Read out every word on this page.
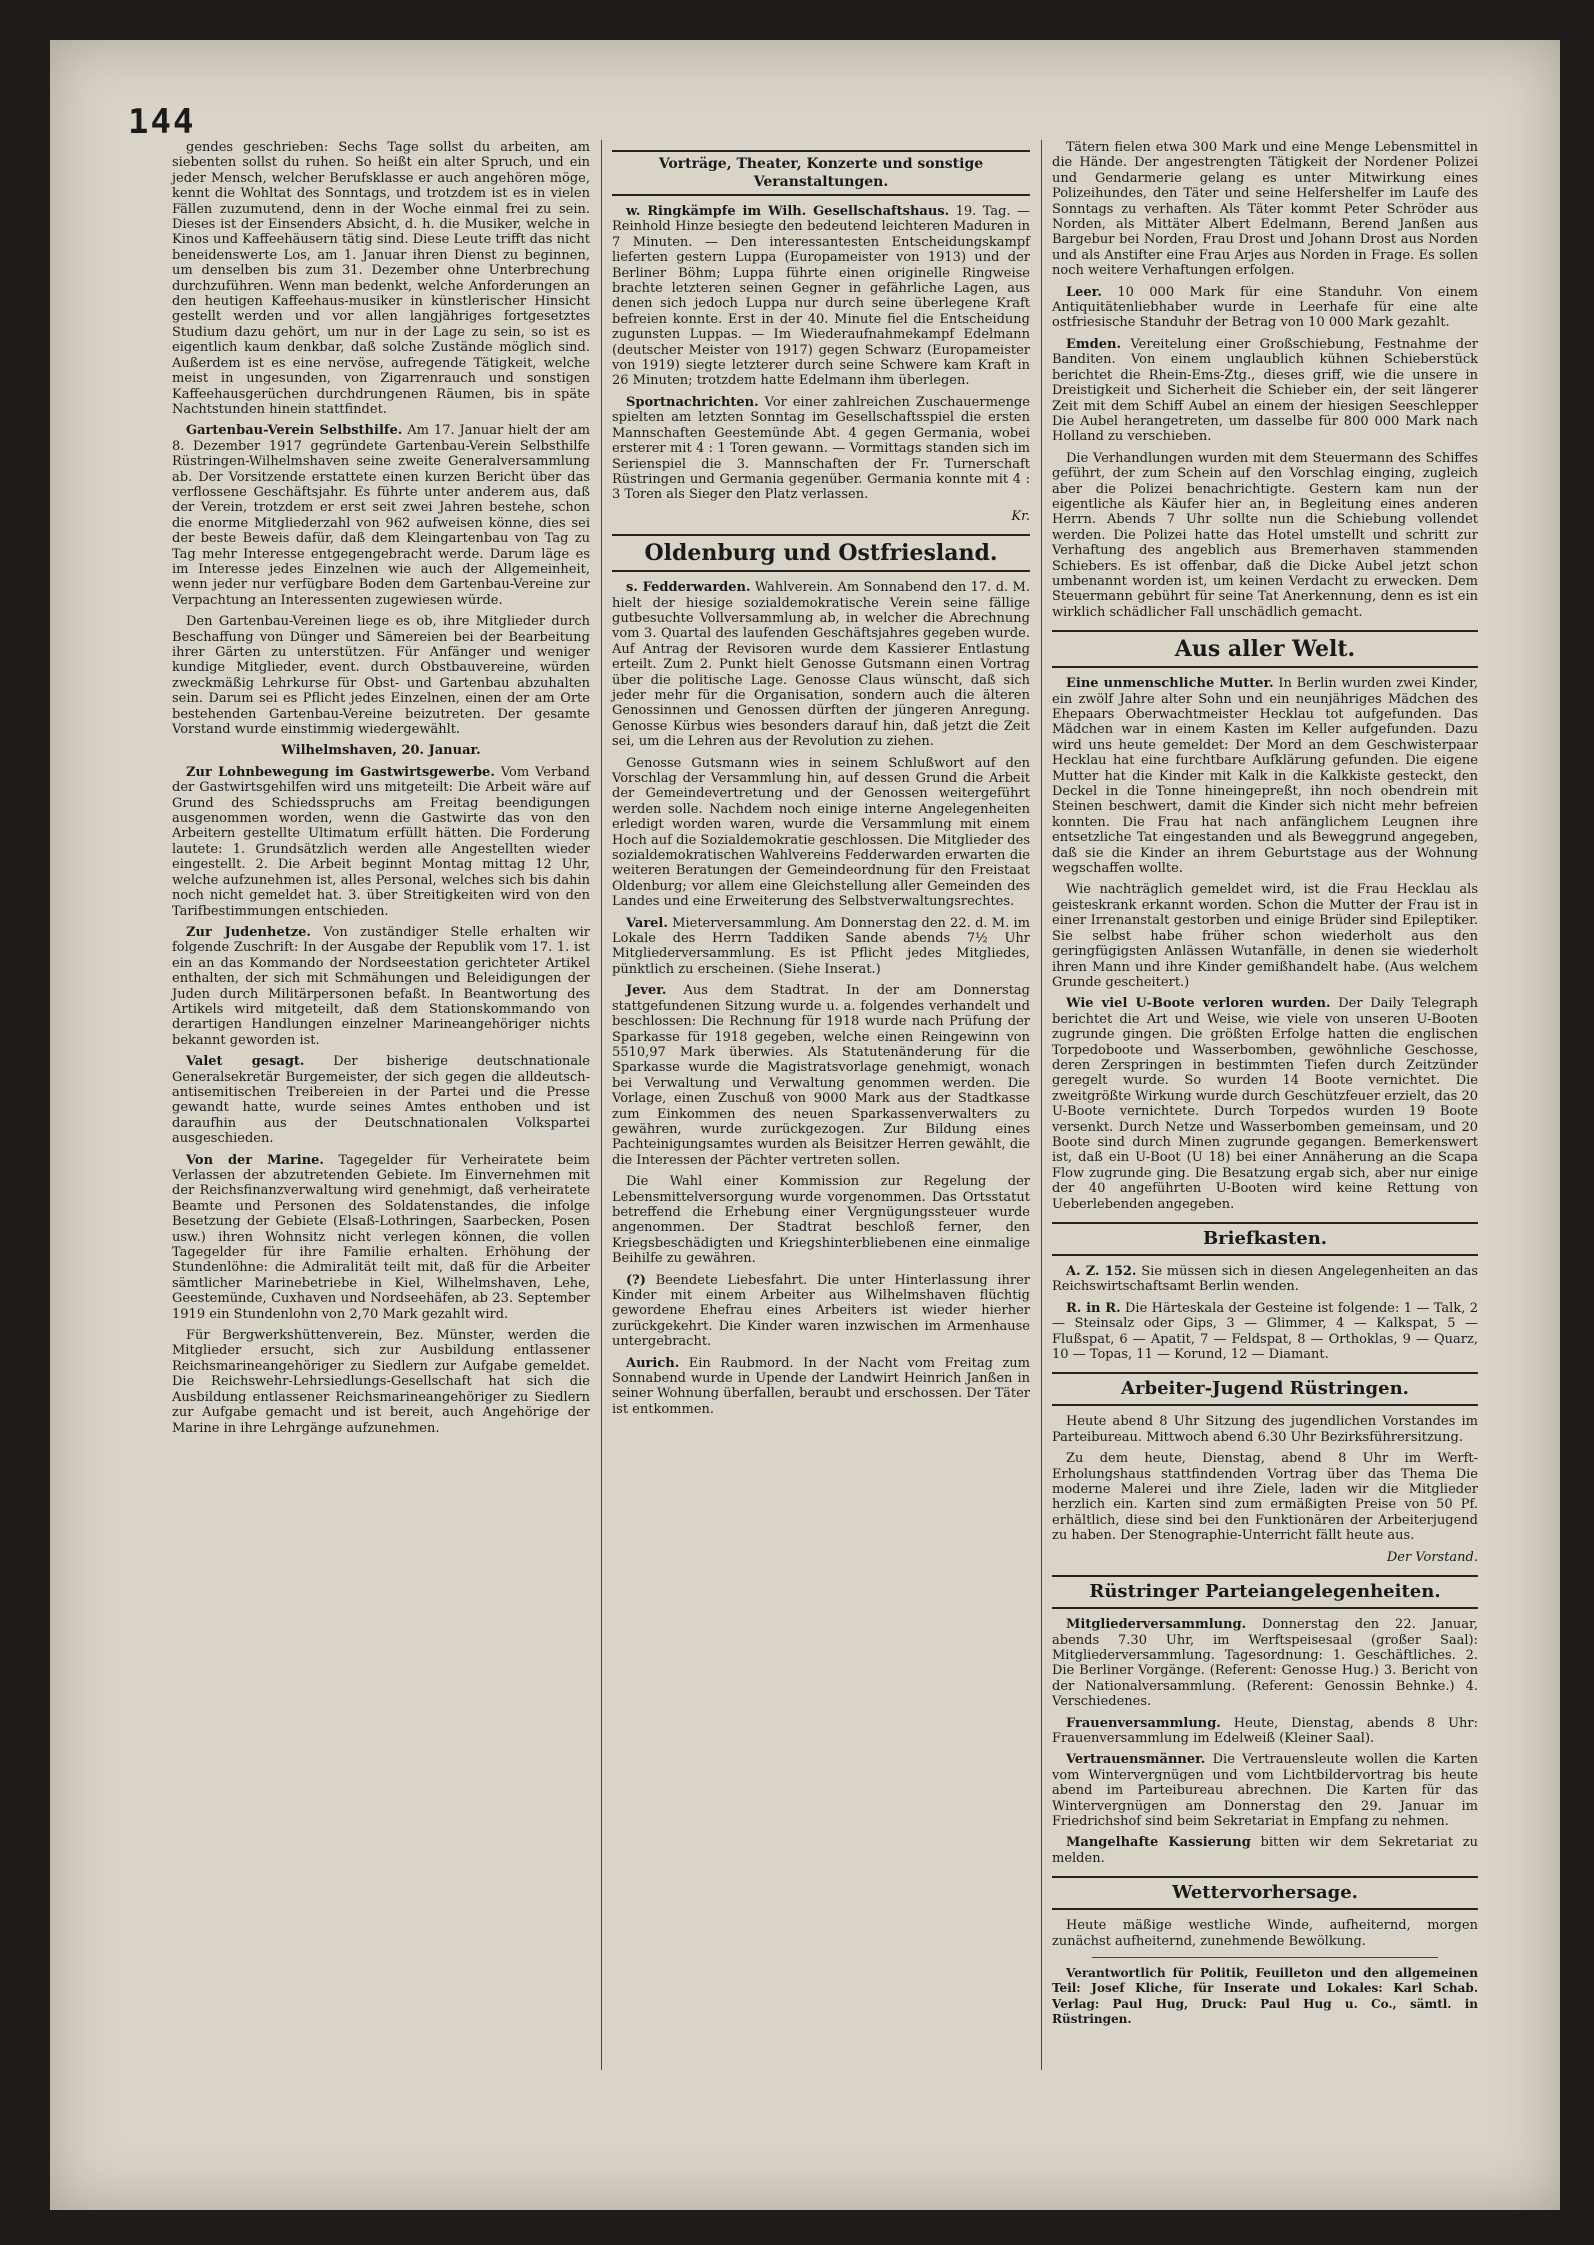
144

gendes geschrieben: Sechs Tage sollst du arbeiten, am siebenten sollst du ruhen. So heißt ein alter Spruch, und ein jeder Mensch, welcher Berufsklasse er auch angehören möge, kennt die Wohltat des Sonntags, und trotzdem ist es in vielen Fällen zuzumutend, denn in der Woche einmal frei zu sein. Dieses ist der Einsenders Absicht, d. h. die Musiker, welche in Kinos und Kaffeehäusern tätig sind. Diese Leute trifft das nicht beneidenswerte Los, am 1. Januar ihren Dienst zu beginnen, um denselben bis zum 31. Dezember ohne Unterbrechung durchzuführen. Wenn man bedenkt, welche Anforderungen an den heutigen Kaffeehaus-musiker in künstlerischer Hinsicht gestellt werden und vor allen langjähriges fortgesetztes Studium dazu gehört, um nur in der Lage zu sein, so ist es eigentlich kaum denkbar, daß solche Zustände möglich sind. Außerdem ist es eine nervöse, aufregende Tätigkeit, welche meist in ungesunden, von Zigarrenrauch und sonstigen Kaffeehausgerüchen durchdrungenen Räumen, bis in späte Nachtstunden hinein stattfindet.

Gartenbau-Verein Selbsthilfe. Am 17. Januar hielt der am 8. Dezember 1917 gegründete Gartenbau-Verein Selbsthilfe Rüstringen-Wilhelmshaven seine zweite Generalversammlung ab. Der Vorsitzende erstattete einen kurzen Bericht über das verflossene Geschäftsjahr. Es führte unter anderem aus, daß der Verein, trotzdem er erst seit zwei Jahren bestehe, schon die enorme Mitgliederzahl von 962 aufweisen könne, dies sei der beste Beweis dafür, daß dem Kleingartenbau von Tag zu Tag mehr Interesse entgegengebracht werde. Darum läge es im Interesse jedes Einzelnen wie auch der Allgemeinheit, wenn jeder nur verfügbare Boden dem Gartenbau-Vereine zur Verpachtung an Interessenten zugewiesen würde.

Den Gartenbau-Vereinen liege es ob, ihre Mitglieder durch Beschaffung von Dünger und Sämereien bei der Bearbeitung ihrer Gärten zu unterstützen. Für Anfänger und weniger kundige Mitglieder, event. durch Obstbauvereine, würden zweckmäßig Lehrkurse für Obst- und Gartenbau abzuhalten sein. Darum sei es Pflicht jedes Einzelnen, einen der am Orte bestehenden Gartenbau-Vereine beizutreten. Der gesamte Vorstand wurde einstimmig wiedergewählt.

Wilhelmshaven, 20. Januar.

Zur Lohnbewegung im Gastwirtsgewerbe. Vom Verband der Gastwirtsgehilfen wird uns mitgeteilt: Die Arbeit wäre auf Grund des Schiedsspruchs am Freitag beendigungen ausgenommen worden, wenn die Gastwirte das von den Arbeitern gestellte Ultimatum erfüllt hätten. Die Forderung lautete: 1. Grundsätzlich werden alle Angestellten wieder eingestellt. 2. Die Arbeit beginnt Montag mittag 12 Uhr, welche aufzunehmen ist, alles Personal, welches sich bis dahin noch nicht gemeldet hat. 3. über Streitigkeiten wird von den Tarifbestimmungen entschieden.

Zur Judenhetze. Von zuständiger Stelle erhalten wir folgende Zuschrift: In der Ausgabe der Republik vom 17. 1. ist ein an das Kommando der Nordseestation gerichteter Artikel enthalten, der sich mit Schmähungen und Beleidigungen der Juden durch Militärpersonen befaßt. In Beantwortung des Artikels wird mitgeteilt, daß dem Stationskommando von derartigen Handlungen einzelner Marineangehöriger nichts bekannt geworden ist.

Valet gesagt. Der bisherige deutschnationale Generalsekretär Burgemeister, der sich gegen die alldeutsch-antisemitischen Treibereien in der Partei und die Presse gewandt hatte, wurde seines Amtes enthoben und ist daraufhin aus der Deutschnationalen Volkspartei ausgeschieden.

Von der Marine. Tagegelder für Verheiratete beim Verlassen der abzutretenden Gebiete. Im Einvernehmen mit der Reichsfinanzverwaltung wird genehmigt, daß verheiratete Beamte und Personen des Soldatenstandes, die infolge Besetzung der Gebiete (Elsaß-Lothringen, Saarbecken, Posen usw.) ihren Wohnsitz nicht verlegen können, die vollen Tagegelder für ihre Familie erhalten. Erhöhung der Stundenlöhne: die Admiralität teilt mit, daß für die Arbeiter sämtlicher Marinebetriebe in Kiel, Wilhelmshaven, Lehe, Geestemünde, Cuxhaven und Nordseehäfen, ab 23. September 1919 ein Stundenlohn von 2,70 Mark gezahlt wird.

Für Bergwerkshüttenverein, Bez. Münster, werden die Mitglieder ersucht, sich zur Ausbildung entlassener Reichsmarineangehöriger zu Siedlern zur Aufgabe gemeldet. Die Reichswehr-Lehrsiedlungs-Gesellschaft hat sich die Ausbildung entlassener Reichsmarineangehöriger zu Siedlern zur Aufgabe gemacht und ist bereit, auch Angehörige der Marine in ihre Lehrgänge aufzunehmen.

Vorträge, Theater, Konzerte und sonstige Veranstaltungen.

w. Ringkämpfe im Wilh. Gesellschaftshaus. 19. Tag. — Reinhold Hinze besiegte den bedeutend leichteren Maduren in 7 Minuten. — Den interessantesten Entscheidungskampf lieferten gestern Luppa (Europameister von 1913) und der Berliner Böhm; Luppa führte einen originelle Ringweise brachte letzteren seinen Gegner in gefährliche Lagen, aus denen sich jedoch Luppa nur durch seine überlegene Kraft befreien konnte. Erst in der 40. Minute fiel die Entscheidung zugunsten Luppas. — Im Wiederaufnahmekampf Edelmann (deutscher Meister von 1917) gegen Schwarz (Europameister von 1919) siegte letzterer durch seine Schwere kam Kraft in 26 Minuten; trotzdem hatte Edelmann ihm überlegen.

Sportnachrichten. Vor einer zahlreichen Zuschauermenge spielten am letzten Sonntag im Gesellschaftsspiel die ersten Mannschaften Geestemünde Abt. 4 gegen Germania, wobei ersterer mit 4 : 1 Toren gewann. — Vormittags standen sich im Serienspiel die 3. Mannschaften der Fr. Turnerschaft Rüstringen und Germania gegenüber. Germania konnte mit 4 : 3 Toren als Sieger den Platz verlassen.

Kr.
Oldenburg und Ostfriesland.

s. Fedderwarden. Wahlverein. Am Sonnabend den 17. d. M. hielt der hiesige sozialdemokratische Verein seine fällige gutbesuchte Vollversammlung ab, in welcher die Abrechnung vom 3. Quartal des laufenden Geschäftsjahres gegeben wurde. Auf Antrag der Revisoren wurde dem Kassierer Entlastung erteilt. Zum 2. Punkt hielt Genosse Gutsmann einen Vortrag über die politische Lage. Genosse Claus wünscht, daß sich jeder mehr für die Organisation, sondern auch die älteren Genossinnen und Genossen dürften der jüngeren Anregung. Genosse Kürbus wies besonders darauf hin, daß jetzt die Zeit sei, um die Lehren aus der Revolution zu ziehen.

Genosse Gutsmann wies in seinem Schlußwort auf den Vorschlag der Versammlung hin, auf dessen Grund die Arbeit der Gemeindevertretung und der Genossen weitergeführt werden solle. Nachdem noch einige interne Angelegenheiten erledigt worden waren, wurde die Versammlung mit einem Hoch auf die Sozialdemokratie geschlossen. Die Mitglieder des sozialdemokratischen Wahlvereins Fedderwarden erwarten die weiteren Beratungen der Gemeindeordnung für den Freistaat Oldenburg; vor allem eine Gleichstellung aller Gemeinden des Landes und eine Erweiterung des Selbstverwaltungsrechtes.

Varel. Mieterversammlung. Am Donnerstag den 22. d. M. im Lokale des Herrn Taddiken Sande abends 7½ Uhr Mitgliederversammlung. Es ist Pflicht jedes Mitgliedes, pünktlich zu erscheinen. (Siehe Inserat.)

Jever. Aus dem Stadtrat. In der am Donnerstag stattgefundenen Sitzung wurde u. a. folgendes verhandelt und beschlossen: Die Rechnung für 1918 wurde nach Prüfung der Sparkasse für 1918 gegeben, welche einen Reingewinn von 5510,97 Mark überwies. Als Statutenänderung für die Sparkasse wurde die Magistratsvorlage genehmigt, wonach bei Verwaltung und Verwaltung genommen werden. Die Vorlage, einen Zuschuß von 9000 Mark aus der Stadtkasse zum Einkommen des neuen Sparkassenverwalters zu gewähren, wurde zurückgezogen. Zur Bildung eines Pachteinigungsamtes wurden als Beisitzer Herren gewählt, die die Interessen der Pächter vertreten sollen.

Die Wahl einer Kommission zur Regelung der Lebensmittelversorgung wurde vorgenommen. Das Ortsstatut betreffend die Erhebung einer Vergnügungssteuer wurde angenommen. Der Stadtrat beschloß ferner, den Kriegsbeschädigten und Kriegshinterbliebenen eine einmalige Beihilfe zu gewähren.

(?) Beendete Liebesfahrt. Die unter Hinterlassung ihrer Kinder mit einem Arbeiter aus Wilhelmshaven flüchtig gewordene Ehefrau eines Arbeiters ist wieder hierher zurückgekehrt. Die Kinder waren inzwischen im Armenhause untergebracht.

Aurich. Ein Raubmord. In der Nacht vom Freitag zum Sonnabend wurde in Upende der Landwirt Heinrich Janßen in seiner Wohnung überfallen, beraubt und erschossen. Der Täter ist entkommen.

Tätern fielen etwa 300 Mark und eine Menge Lebensmittel in die Hände. Der angestrengten Tätigkeit der Nordener Polizei und Gendarmerie gelang es unter Mitwirkung eines Polizeihundes, den Täter und seine Helfershelfer im Laufe des Sonntags zu verhaften. Als Täter kommt Peter Schröder aus Norden, als Mittäter Albert Edelmann, Berend Janßen aus Bargebur bei Norden, Frau Drost und Johann Drost aus Norden und als Anstifter eine Frau Arjes aus Norden in Frage. Es sollen noch weitere Verhaftungen erfolgen.

Leer. 10 000 Mark für eine Standuhr. Von einem Antiquitätenliebhaber wurde in Leerhafe für eine alte ostfriesische Standuhr der Betrag von 10 000 Mark gezahlt.

Emden. Vereitelung einer Großschiebung, Festnahme der Banditen. Von einem unglaublich kühnen Schieberstück berichtet die Rhein-Ems-Ztg., dieses griff, wie die unsere in Dreistigkeit und Sicherheit die Schieber ein, der seit längerer Zeit mit dem Schiff Aubel an einem der hiesigen Seeschlepper Die Aubel herangetreten, um dasselbe für 800 000 Mark nach Holland zu verschieben.

Die Verhandlungen wurden mit dem Steuermann des Schiffes geführt, der zum Schein auf den Vorschlag einging, zugleich aber die Polizei benachrichtigte. Gestern kam nun der eigentliche als Käufer hier an, in Begleitung eines anderen Herrn. Abends 7 Uhr sollte nun die Schiebung vollendet werden. Die Polizei hatte das Hotel umstellt und schritt zur Verhaftung des angeblich aus Bremerhaven stammenden Schiebers. Es ist offenbar, daß die Dicke Aubel jetzt schon umbenannt worden ist, um keinen Verdacht zu erwecken. Dem Steuermann gebührt für seine Tat Anerkennung, denn es ist ein wirklich schädlicher Fall unschädlich gemacht.

Aus aller Welt.

Eine unmenschliche Mutter. In Berlin wurden zwei Kinder, ein zwölf Jahre alter Sohn und ein neunjähriges Mädchen des Ehepaars Oberwachtmeister Hecklau tot aufgefunden. Das Mädchen war in einem Kasten im Keller aufgefunden. Dazu wird uns heute gemeldet: Der Mord an dem Geschwisterpaar Hecklau hat eine furchtbare Aufklärung gefunden. Die eigene Mutter hat die Kinder mit Kalk in die Kalkkiste gesteckt, den Deckel in die Tonne hineingepreßt, ihn noch obendrein mit Steinen beschwert, damit die Kinder sich nicht mehr befreien konnten. Die Frau hat nach anfänglichem Leugnen ihre entsetzliche Tat eingestanden und als Beweggrund angegeben, daß sie die Kinder an ihrem Geburtstage aus der Wohnung wegschaffen wollte.

Wie nachträglich gemeldet wird, ist die Frau Hecklau als geisteskrank erkannt worden. Schon die Mutter der Frau ist in einer Irrenanstalt gestorben und einige Brüder sind Epileptiker. Sie selbst habe früher schon wiederholt aus den geringfügigsten Anlässen Wutanfälle, in denen sie wiederholt ihren Mann und ihre Kinder gemißhandelt habe. (Aus welchem Grunde gescheitert.)

Wie viel U-Boote verloren wurden. Der Daily Telegraph berichtet die Art und Weise, wie viele von unseren U-Booten zugrunde gingen. Die größten Erfolge hatten die englischen Torpedoboote und Wasserbomben, gewöhnliche Geschosse, deren Zerspringen in bestimmten Tiefen durch Zeitzünder geregelt wurde. So wurden 14 Boote vernichtet. Die zweitgrößte Wirkung wurde durch Geschützfeuer erzielt, das 20 U-Boote vernichtete. Durch Torpedos wurden 19 Boote versenkt. Durch Netze und Wasserbomben gemeinsam, und 20 Boote sind durch Minen zugrunde gegangen. Bemerkenswert ist, daß ein U-Boot (U 18) bei einer Annäherung an die Scapa Flow zugrunde ging. Die Besatzung ergab sich, aber nur einige der 40 angeführten U-Booten wird keine Rettung von Ueberlebenden angegeben.

Briefkasten.

A. Z. 152. Sie müssen sich in diesen Angelegenheiten an das Reichswirtschaftsamt Berlin wenden.

R. in R. Die Härteskala der Gesteine ist folgende: 1 — Talk, 2 — Steinsalz oder Gips, 3 — Glimmer, 4 — Kalkspat, 5 — Flußspat, 6 — Apatit, 7 — Feldspat, 8 — Orthoklas, 9 — Quarz, 10 — Topas, 11 — Korund, 12 — Diamant.

Arbeiter-Jugend Rüstringen.

Heute abend 8 Uhr Sitzung des jugendlichen Vorstandes im Parteibureau. Mittwoch abend 6.30 Uhr Bezirksführersitzung.

Zu dem heute, Dienstag, abend 8 Uhr im Werft-Erholungshaus stattfindenden Vortrag über das Thema Die moderne Malerei und ihre Ziele, laden wir die Mitglieder herzlich ein. Karten sind zum ermäßigten Preise von 50 Pf. erhältlich, diese sind bei den Funktionären der Arbeiterjugend zu haben. Der Stenographie-Unterricht fällt heute aus.

Der Vorstand.
Rüstringer Parteiangelegenheiten.

Mitgliederversammlung. Donnerstag den 22. Januar, abends 7.30 Uhr, im Werftspeisesaal (großer Saal): Mitgliederversammlung. Tagesordnung: 1. Geschäftliches. 2. Die Berliner Vorgänge. (Referent: Genosse Hug.) 3. Bericht von der Nationalversammlung. (Referent: Genossin Behnke.) 4. Verschiedenes.

Frauenversammlung. Heute, Dienstag, abends 8 Uhr: Frauenversammlung im Edelweiß (Kleiner Saal).

Vertrauensmänner. Die Vertrauensleute wollen die Karten vom Wintervergnügen und vom Lichtbildervortrag bis heute abend im Parteibureau abrechnen. Die Karten für das Wintervergnügen am Donnerstag den 29. Januar im Friedrichshof sind beim Sekretariat in Empfang zu nehmen.

Mangelhafte Kassierung bitten wir dem Sekretariat zu melden.

Wettervorhersage.

Heute mäßige westliche Winde, aufheiternd, morgen zunächst aufheiternd, zunehmende Bewölkung.

Verantwortlich für Politik, Feuilleton und den allgemeinen Teil: Josef Kliche, für Inserate und Lokales: Karl Schab. Verlag: Paul Hug, Druck: Paul Hug u. Co., sämtl. in Rüstringen.
